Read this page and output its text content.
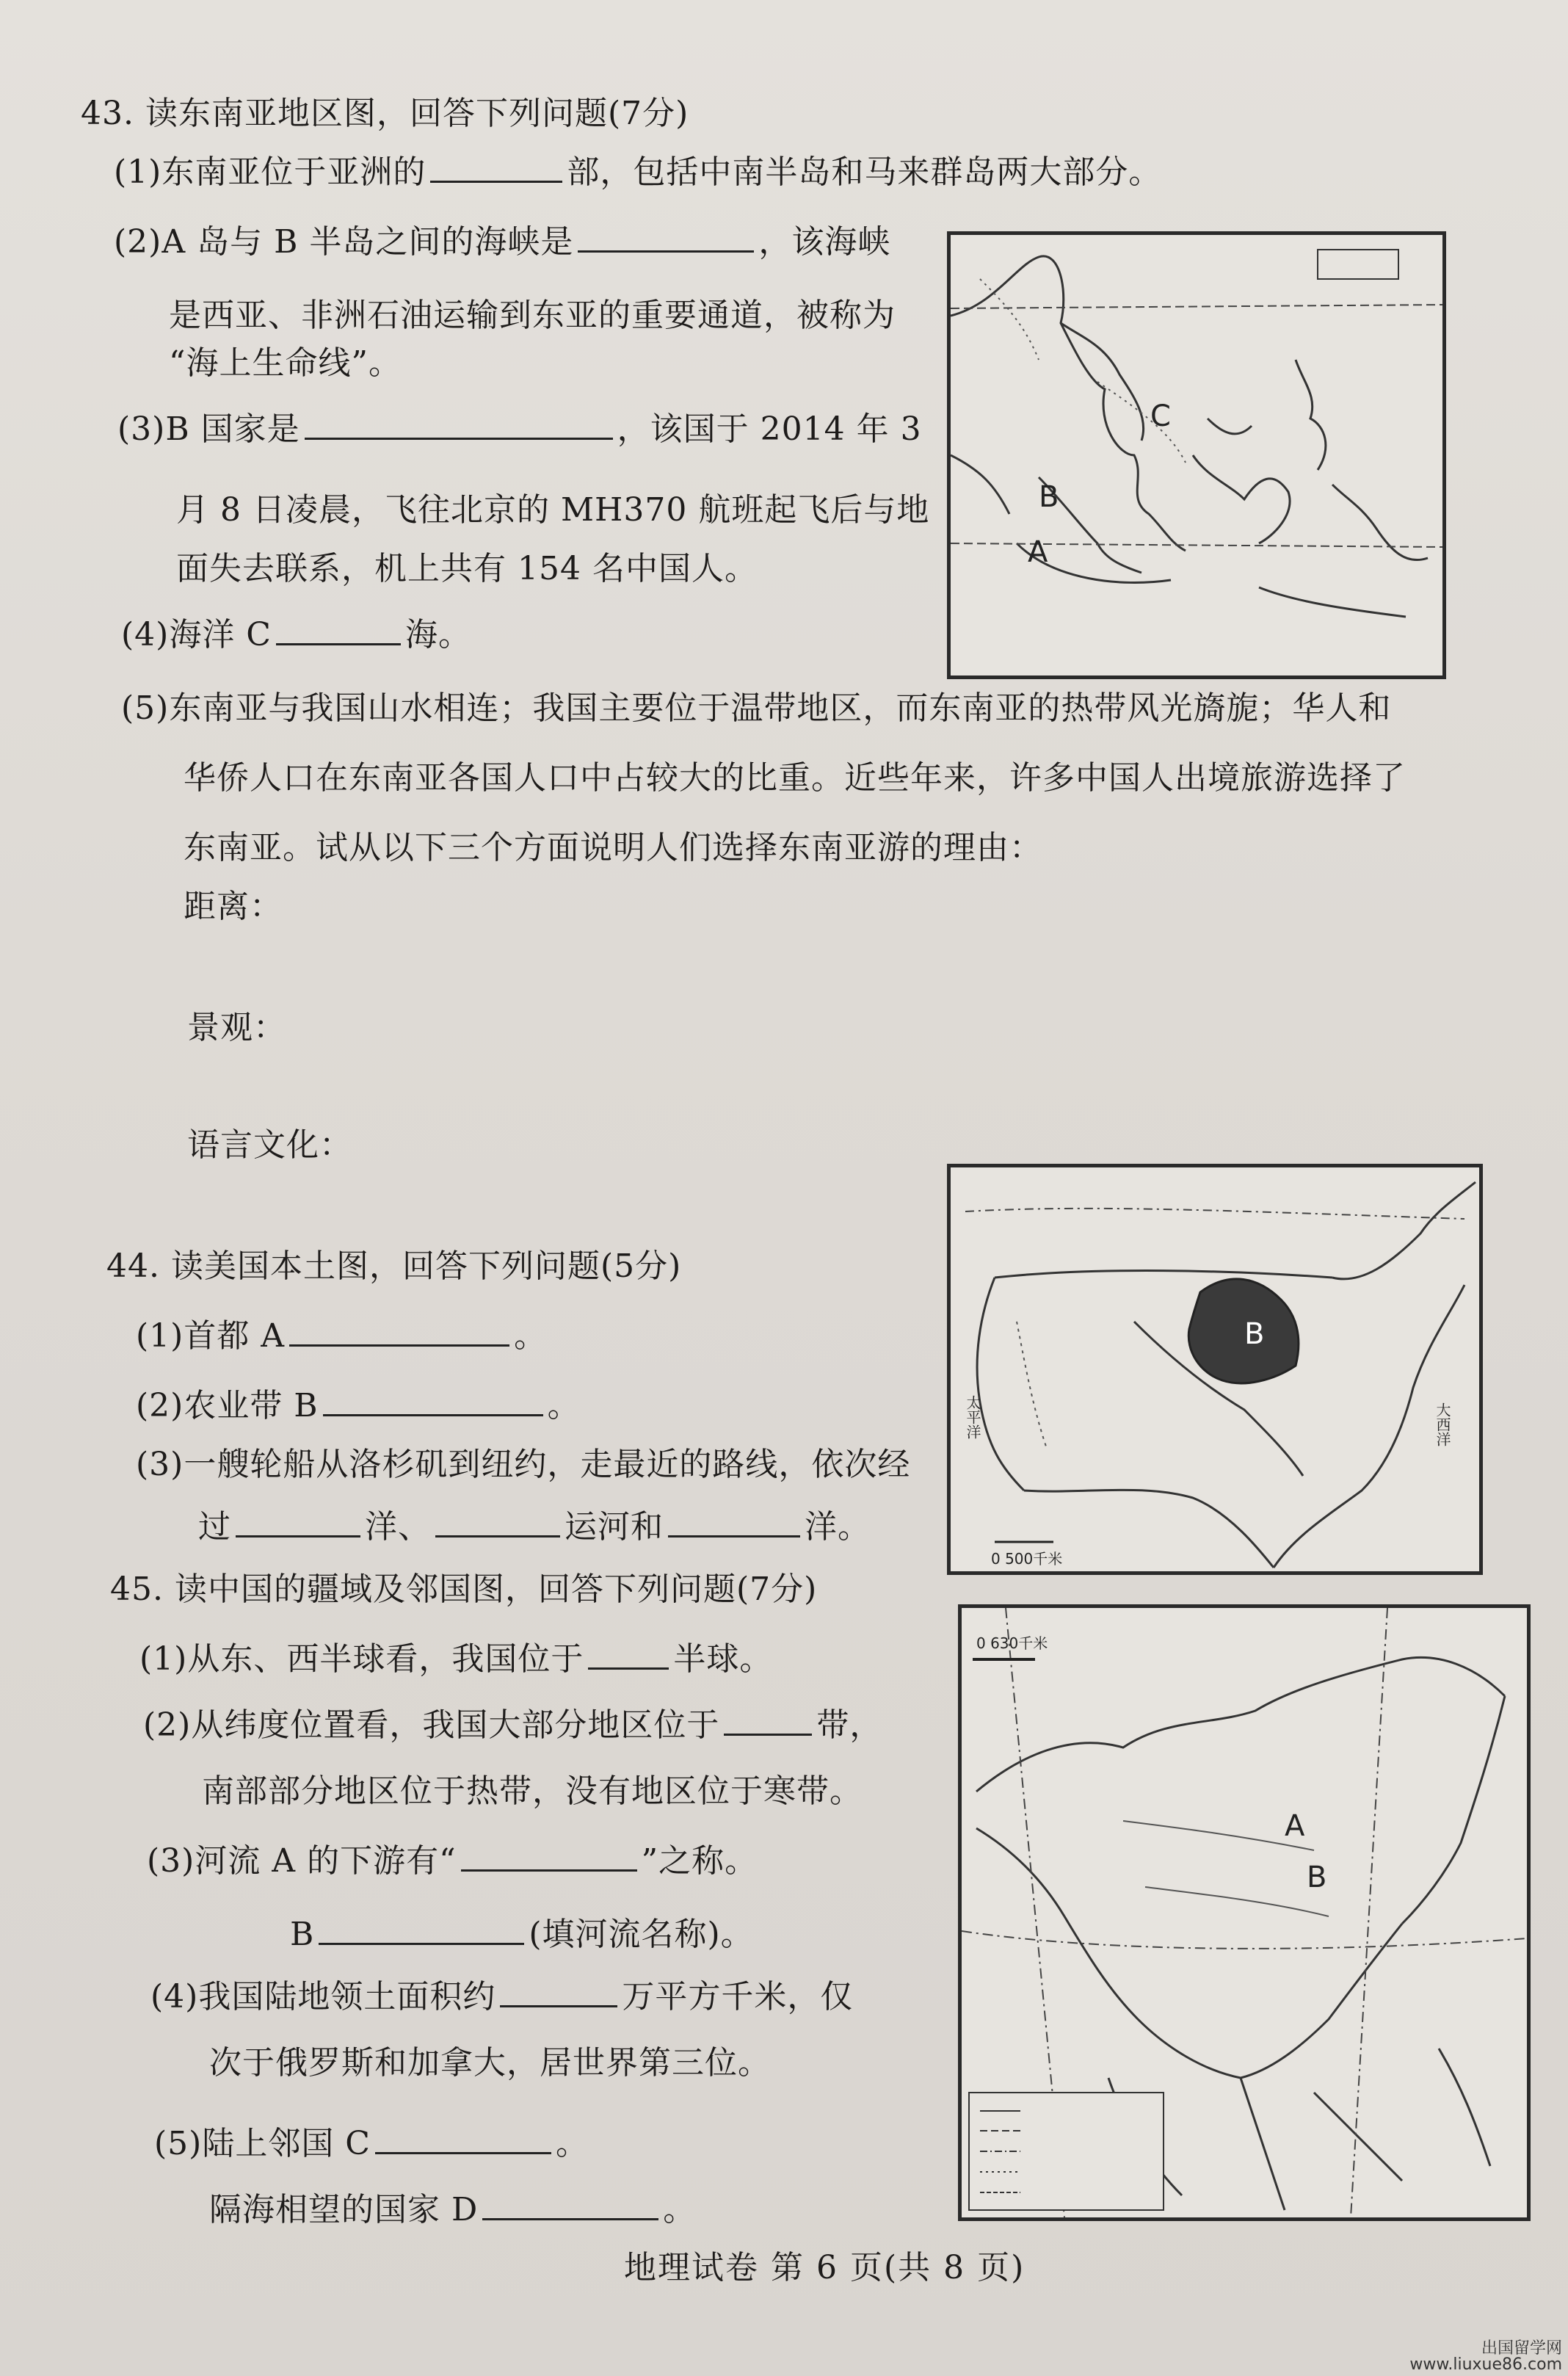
43. 读东南亚地区图，回答下列问题(7分)
(1)东南亚位于亚洲的	部，包括中南半岛和马来群岛两大部分。
(2)A 岛与 B 半岛之间的海峡是	，该海峡
是西亚、非洲石油运输到东亚的重要通道，被称为
“海上生命线”。
(3)B 国家是	，该国于 2014 年 3
月 8 日凌晨，飞往北京的 MH370 航班起飞后与地
面失去联系，机上共有 154 名中国人。
(4)海洋 C	海。
(5)东南亚与我国山水相连；我国主要位于温带地区，而东南亚的热带风光旖旎；华人和
华侨人口在东南亚各国人口中占较大的比重。近些年来，许多中国人出境旅游选择了
东南亚。试从以下三个方面说明人们选择东南亚游的理由：
距离：
景观：
语言文化：
C
B
A
44. 读美国本土图，回答下列问题(5分)
(1)首都 A	。
(2)农业带 B	。
(3)一艘轮船从洛杉矶到纽约，走最近的路线，依次经
过	洋、	运河和	洋。
B
太平洋	大西洋
0 500千米
45. 读中国的疆域及邻国图，回答下列问题(7分)
(1)从东、西半球看，我国位于	半球。
(2)从纬度位置看，我国大部分地区位于	带，
南部部分地区位于热带，没有地区位于寒带。
(3)河流 A 的下游有“	”之称。
B	(填河流名称)。
(4)我国陆地领土面积约	万平方千米，仅
次于俄罗斯和加拿大，居世界第三位。
(5)陆上邻国 C	。
隔海相望的国家 D	。
0 630千米
A
B
地理试卷 第 6 页(共 8 页)
出国留学网
www.liuxue86.com
